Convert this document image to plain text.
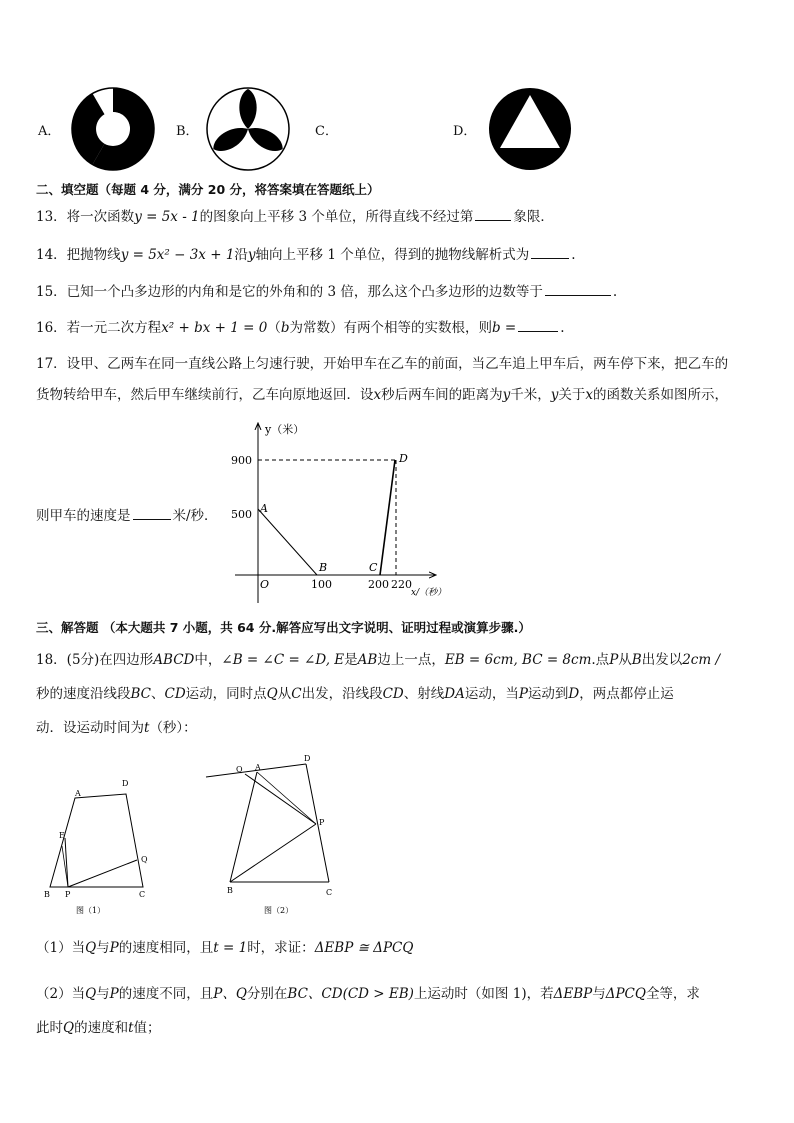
A．	B．	C．	D．
二、填空题（每题 4 分，满分 20 分，将答案填在答题纸上）
13．将一次函数y = 5x - 1的图象向上平移 3 个单位，所得直线不经过第	象限．
14．把抛物线y = 5x² − 3x + 1沿y轴向上平移 1 个单位，得到的抛物线解析式为	.
15．已知一个凸多边形的内角和是它的外角和的 3 倍，那么这个凸多边形的边数等于	.
16．若一元二次方程x² + bx + 1 = 0（b为常数）有两个相等的实数根，则b =	.
17．设甲、乙两车在同一直线公路上匀速行驶，开始甲车在乙车的前面，当乙车追上甲车后，两车停下来，把乙车的
货物转给甲车，然后甲车继续前行，乙车向原地返回．设x秒后两车间的距离为y千米，y关于x的函数关系如图所示，
则甲车的速度是	米/秒．
y（米）
900
500 A
O
B
100
C
D
200 220
x/（秒）
三、解答题 （本大题共 7 小题，共 64 分.解答应写出文字说明、证明过程或演算步骤.）
18．(5分)在四边形ABCD中，∠B = ∠C = ∠D, E是AB边上一点，EB = 6cm, BC = 8cm.点P从B出发以2cm /
秒的速度沿线段BC、CD运动，同时点Q从C出发，沿线段CD、射线DA运动，当P运动到D，两点都停止运
动．设运动时间为t（秒）：
A
D
E
Q
B P	C
图（1）
Q A
D
P
B	C
图（2）
（1）当Q与P的速度相同，且t = 1时，求证：ΔEBP ≅ ΔPCQ
（2）当Q与P的速度不同，且P、Q分别在BC、CD(CD > EB)上运动时（如图 1)，若ΔEBP与ΔPCQ全等，求
此时Q的速度和t值；
